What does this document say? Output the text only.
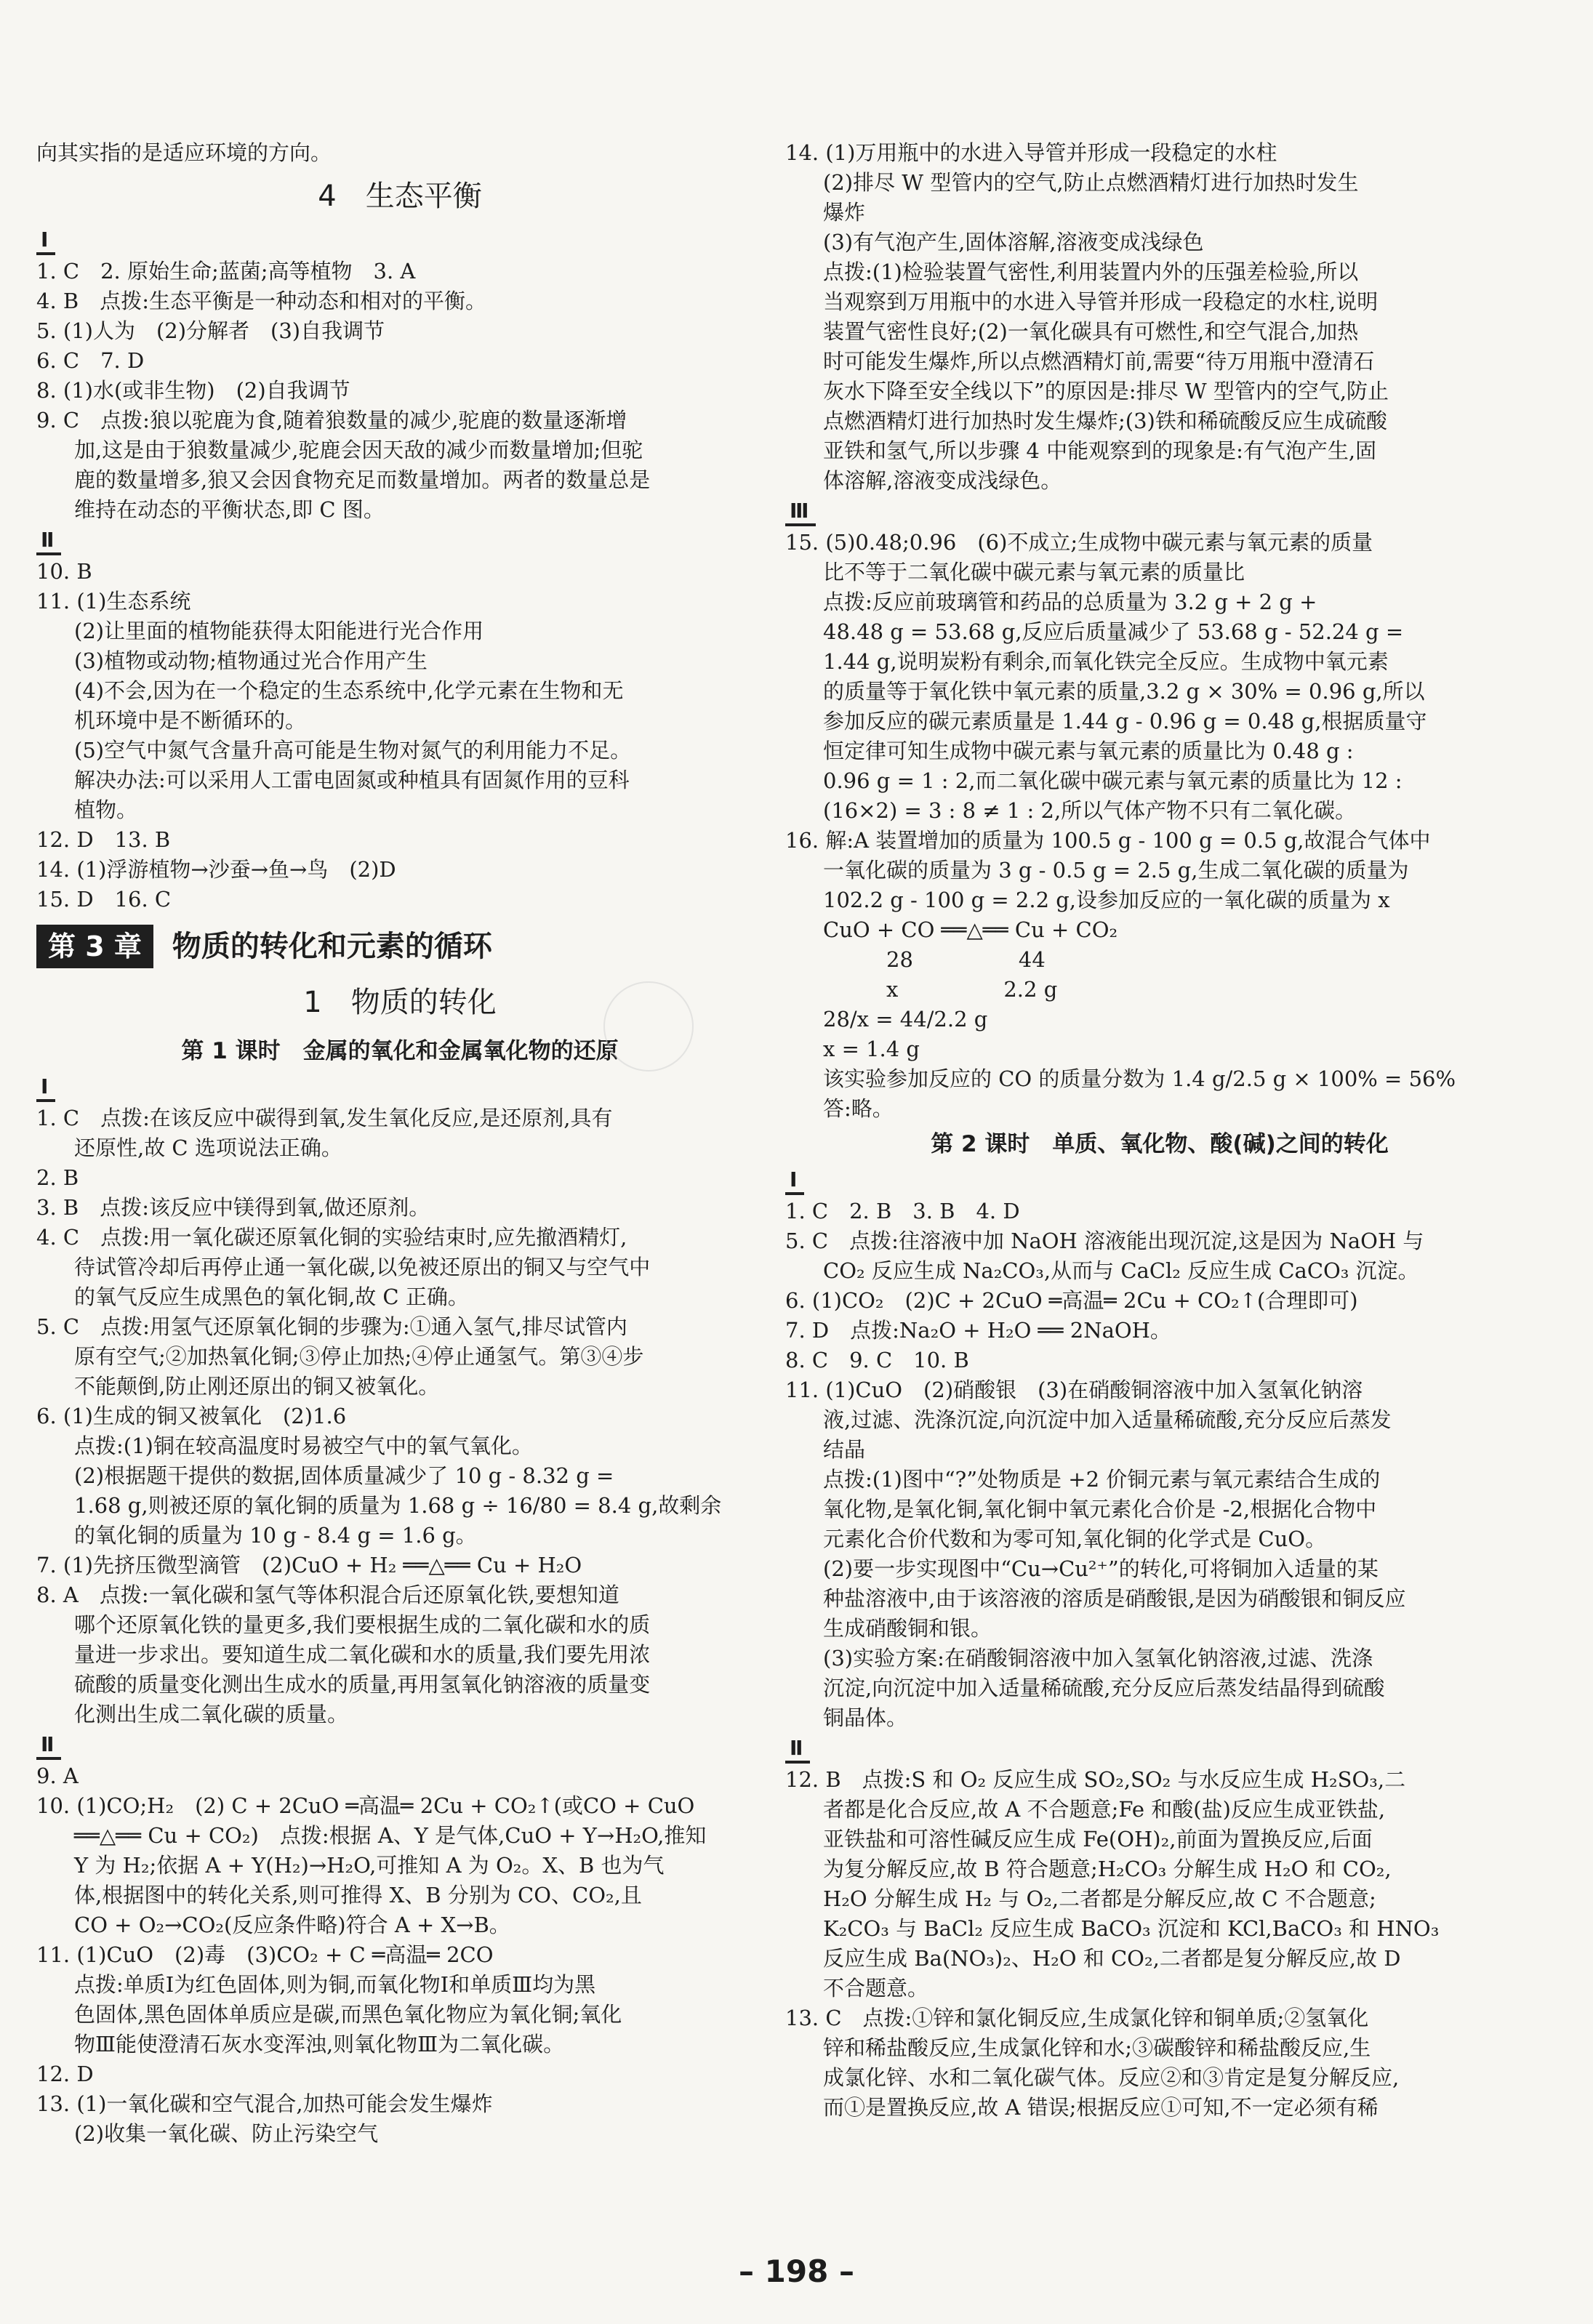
向其实指的是适应环境的方向。
4　生态平衡
Ⅰ
1. C　2. 原始生命;蓝菌;高等植物　3. A
4. B　点拨:生态平衡是一种动态和相对的平衡。
5. (1)人为　(2)分解者　(3)自我调节
6. C　7. D
8. (1)水(或非生物)　(2)自我调节
9. C　点拨:狼以驼鹿为食,随着狼数量的减少,驼鹿的数量逐渐增
加,这是由于狼数量减少,驼鹿会因天敌的减少而数量增加;但驼
鹿的数量增多,狼又会因食物充足而数量增加。两者的数量总是
维持在动态的平衡状态,即 C 图。
Ⅱ
10. B
11. (1)生态系统
(2)让里面的植物能获得太阳能进行光合作用
(3)植物或动物;植物通过光合作用产生
(4)不会,因为在一个稳定的生态系统中,化学元素在生物和无
机环境中是不断循环的。
(5)空气中氮气含量升高可能是生物对氮气的利用能力不足。
解决办法:可以采用人工雷电固氮或种植具有固氮作用的豆科
植物。
12. D　13. B
14. (1)浮游植物→沙蚕→鱼→鸟　(2)D
15. D　16. C
第 3 章	物质的转化和元素的循环
1　物质的转化
第 1 课时　金属的氧化和金属氧化物的还原
Ⅰ
1. C　点拨:在该反应中碳得到氧,发生氧化反应,是还原剂,具有
还原性,故 C 选项说法正确。
2. B
3. B　点拨:该反应中镁得到氧,做还原剂。
4. C　点拨:用一氧化碳还原氧化铜的实验结束时,应先撤酒精灯,
待试管冷却后再停止通一氧化碳,以免被还原出的铜又与空气中
的氧气反应生成黑色的氧化铜,故 C 正确。
5. C　点拨:用氢气还原氧化铜的步骤为:①通入氢气,排尽试管内
原有空气;②加热氧化铜;③停止加热;④停止通氢气。第③④步
不能颠倒,防止刚还原出的铜又被氧化。
6. (1)生成的铜又被氧化　(2)1.6
点拨:(1)铜在较高温度时易被空气中的氧气氧化。
(2)根据题干提供的数据,固体质量减少了 10 g - 8.32 g =
1.68 g,则被还原的氧化铜的质量为 1.68 g ÷ 16/80 = 8.4 g,故剩余
的氧化铜的质量为 10 g - 8.4 g = 1.6 g。
7. (1)先挤压微型滴管　(2)CuO + H₂ ══△══ Cu + H₂O
8. A　点拨:一氧化碳和氢气等体积混合后还原氧化铁,要想知道
哪个还原氧化铁的量更多,我们要根据生成的二氧化碳和水的质
量进一步求出。要知道生成二氧化碳和水的质量,我们要先用浓
硫酸的质量变化测出生成水的质量,再用氢氧化钠溶液的质量变
化测出生成二氧化碳的质量。
Ⅱ
9. A
10. (1)CO;H₂　(2) C + 2CuO ═高温═ 2Cu + CO₂↑(或CO + CuO
══△══ Cu + CO₂)　点拨:根据 A、Y 是气体,CuO + Y→H₂O,推知
Y 为 H₂;依据 A + Y(H₂)→H₂O,可推知 A 为 O₂。X、B 也为气
体,根据图中的转化关系,则可推得 X、B 分别为 CO、CO₂,且
CO + O₂→CO₂(反应条件略)符合 A + X→B。
11. (1)CuO　(2)毒　(3)CO₂ + C ═高温═ 2CO
点拨:单质Ⅰ为红色固体,则为铜,而氧化物Ⅰ和单质Ⅲ均为黑
色固体,黑色固体单质应是碳,而黑色氧化物应为氧化铜;氧化
物Ⅲ能使澄清石灰水变浑浊,则氧化物Ⅲ为二氧化碳。
12. D
13. (1)一氧化碳和空气混合,加热可能会发生爆炸
(2)收集一氧化碳、防止污染空气
14. (1)万用瓶中的水进入导管并形成一段稳定的水柱
(2)排尽 W 型管内的空气,防止点燃酒精灯进行加热时发生
爆炸
(3)有气泡产生,固体溶解,溶液变成浅绿色
点拨:(1)检验装置气密性,利用装置内外的压强差检验,所以
当观察到万用瓶中的水进入导管并形成一段稳定的水柱,说明
装置气密性良好;(2)一氧化碳具有可燃性,和空气混合,加热
时可能发生爆炸,所以点燃酒精灯前,需要“待万用瓶中澄清石
灰水下降至安全线以下”的原因是:排尽 W 型管内的空气,防止
点燃酒精灯进行加热时发生爆炸;(3)铁和稀硫酸反应生成硫酸
亚铁和氢气,所以步骤 4 中能观察到的现象是:有气泡产生,固
体溶解,溶液变成浅绿色。
Ⅲ
15. (5)0.48;0.96　(6)不成立;生成物中碳元素与氧元素的质量
比不等于二氧化碳中碳元素与氧元素的质量比
点拨:反应前玻璃管和药品的总质量为 3.2 g + 2 g +
48.48 g = 53.68 g,反应后质量减少了 53.68 g - 52.24 g =
1.44 g,说明炭粉有剩余,而氧化铁完全反应。生成物中氧元素
的质量等于氧化铁中氧元素的质量,3.2 g × 30% = 0.96 g,所以
参加反应的碳元素质量是 1.44 g - 0.96 g = 0.48 g,根据质量守
恒定律可知生成物中碳元素与氧元素的质量比为 0.48 g :
0.96 g = 1 : 2,而二氧化碳中碳元素与氧元素的质量比为 12 :
(16×2) = 3 : 8 ≠ 1 : 2,所以气体产物不只有二氧化碳。
16. 解:A 装置增加的质量为 100.5 g - 100 g = 0.5 g,故混合气体中
一氧化碳的质量为 3 g - 0.5 g = 2.5 g,生成二氧化碳的质量为
102.2 g - 100 g = 2.2 g,设参加反应的一氧化碳的质量为 x
CuO + CO ══△══ Cu + CO₂
　　　28　　　　　44
　　　x　　　　　2.2 g
28/x = 44/2.2 g
x = 1.4 g
该实验参加反应的 CO 的质量分数为 1.4 g/2.5 g × 100% = 56%
答:略。
第 2 课时　单质、氧化物、酸(碱)之间的转化
Ⅰ
1. C　2. B　3. B　4. D
5. C　点拨:往溶液中加 NaOH 溶液能出现沉淀,这是因为 NaOH 与
CO₂ 反应生成 Na₂CO₃,从而与 CaCl₂ 反应生成 CaCO₃ 沉淀。
6. (1)CO₂　(2)C + 2CuO ═高温═ 2Cu + CO₂↑(合理即可)
7. D　点拨:Na₂O + H₂O ══ 2NaOH。
8. C　9. C　10. B
11. (1)CuO　(2)硝酸银　(3)在硝酸铜溶液中加入氢氧化钠溶
液,过滤、洗涤沉淀,向沉淀中加入适量稀硫酸,充分反应后蒸发
结晶
点拨:(1)图中“?”处物质是 +2 价铜元素与氧元素结合生成的
氧化物,是氧化铜,氧化铜中氧元素化合价是 -2,根据化合物中
元素化合价代数和为零可知,氧化铜的化学式是 CuO。
(2)要一步实现图中“Cu→Cu²⁺”的转化,可将铜加入适量的某
种盐溶液中,由于该溶液的溶质是硝酸银,是因为硝酸银和铜反应
生成硝酸铜和银。
(3)实验方案:在硝酸铜溶液中加入氢氧化钠溶液,过滤、洗涤
沉淀,向沉淀中加入适量稀硫酸,充分反应后蒸发结晶得到硫酸
铜晶体。
Ⅱ
12. B　点拨:S 和 O₂ 反应生成 SO₂,SO₂ 与水反应生成 H₂SO₃,二
者都是化合反应,故 A 不合题意;Fe 和酸(盐)反应生成亚铁盐,
亚铁盐和可溶性碱反应生成 Fe(OH)₂,前面为置换反应,后面
为复分解反应,故 B 符合题意;H₂CO₃ 分解生成 H₂O 和 CO₂,
H₂O 分解生成 H₂ 与 O₂,二者都是分解反应,故 C 不合题意;
K₂CO₃ 与 BaCl₂ 反应生成 BaCO₃ 沉淀和 KCl,BaCO₃ 和 HNO₃
反应生成 Ba(NO₃)₂、H₂O 和 CO₂,二者都是复分解反应,故 D
不合题意。
13. C　点拨:①锌和氯化铜反应,生成氯化锌和铜单质;②氢氧化
锌和稀盐酸反应,生成氯化锌和水;③碳酸锌和稀盐酸反应,生
成氯化锌、水和二氧化碳气体。反应②和③肯定是复分解反应,
而①是置换反应,故 A 错误;根据反应①可知,不一定必须有稀
– 198 –
